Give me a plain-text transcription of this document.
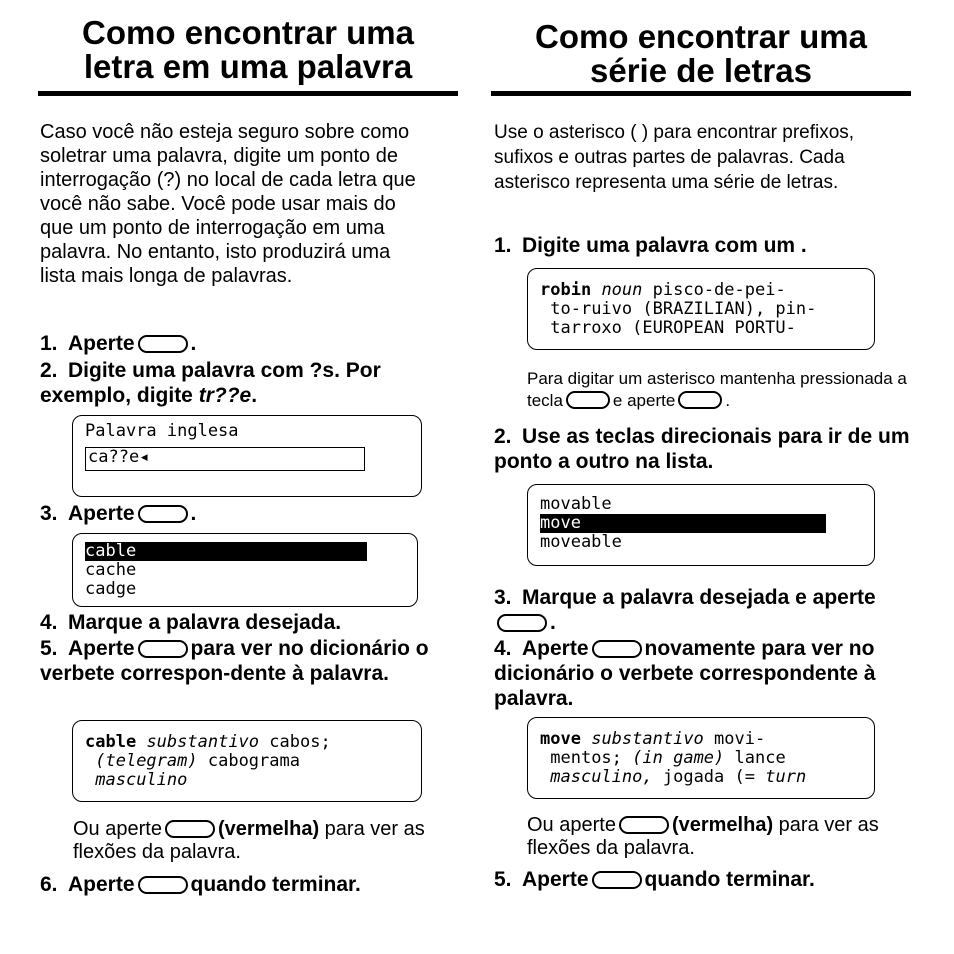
Como encontrar uma
letra em uma palavra
Caso você não esteja seguro sobre como soletrar uma palavra, digite um ponto de interrogação (?) no local de cada letra que você não sabe. Você pode usar mais do que um ponto de interrogação em uma palavra. No entanto, isto produzirá uma lista mais longa de palavras.
1. Aperte	.
2. Digite uma palavra com ?s. Por exemplo, digite tr??e.
Palavra inglesa
ca??e◂
3. Aperte	.
cable
cache
cadge
4. Marque a palavra desejada.
5. Aperte	para ver no dicionário o verbete correspon-dente à palavra.
cable substantivo cabos;
(telegram) cabograma
masculino
Ou aperte	(vermelha) para ver as flexões da palavra.
6. Aperte	quando terminar.
Como encontrar uma
série de letras
Use o asterisco ( ) para encontrar prefixos, sufixos e outras partes de palavras. Cada asterisco representa uma série de letras.
1. Digite uma palavra com um .
robin noun pisco-de-pei-
to-ruivo (BRAZILIAN), pin-
tarroxo (EUROPEAN PORTU-
Para digitar um asterisco mantenha pressionada a tecla	e aperte	.
2. Use as teclas direcionais para ir de um ponto a outro na lista.
movable
move
moveable
3. Marque a palavra desejada e aperte.
4. Aperte	novamente para ver no dicionário o verbete correspondente à palavra.
move substantivo movi-
mentos; (in game) lance
masculino, jogada (= turn
Ou aperte	(vermelha) para ver as flexões da palavra.
5. Aperte	quando terminar.
